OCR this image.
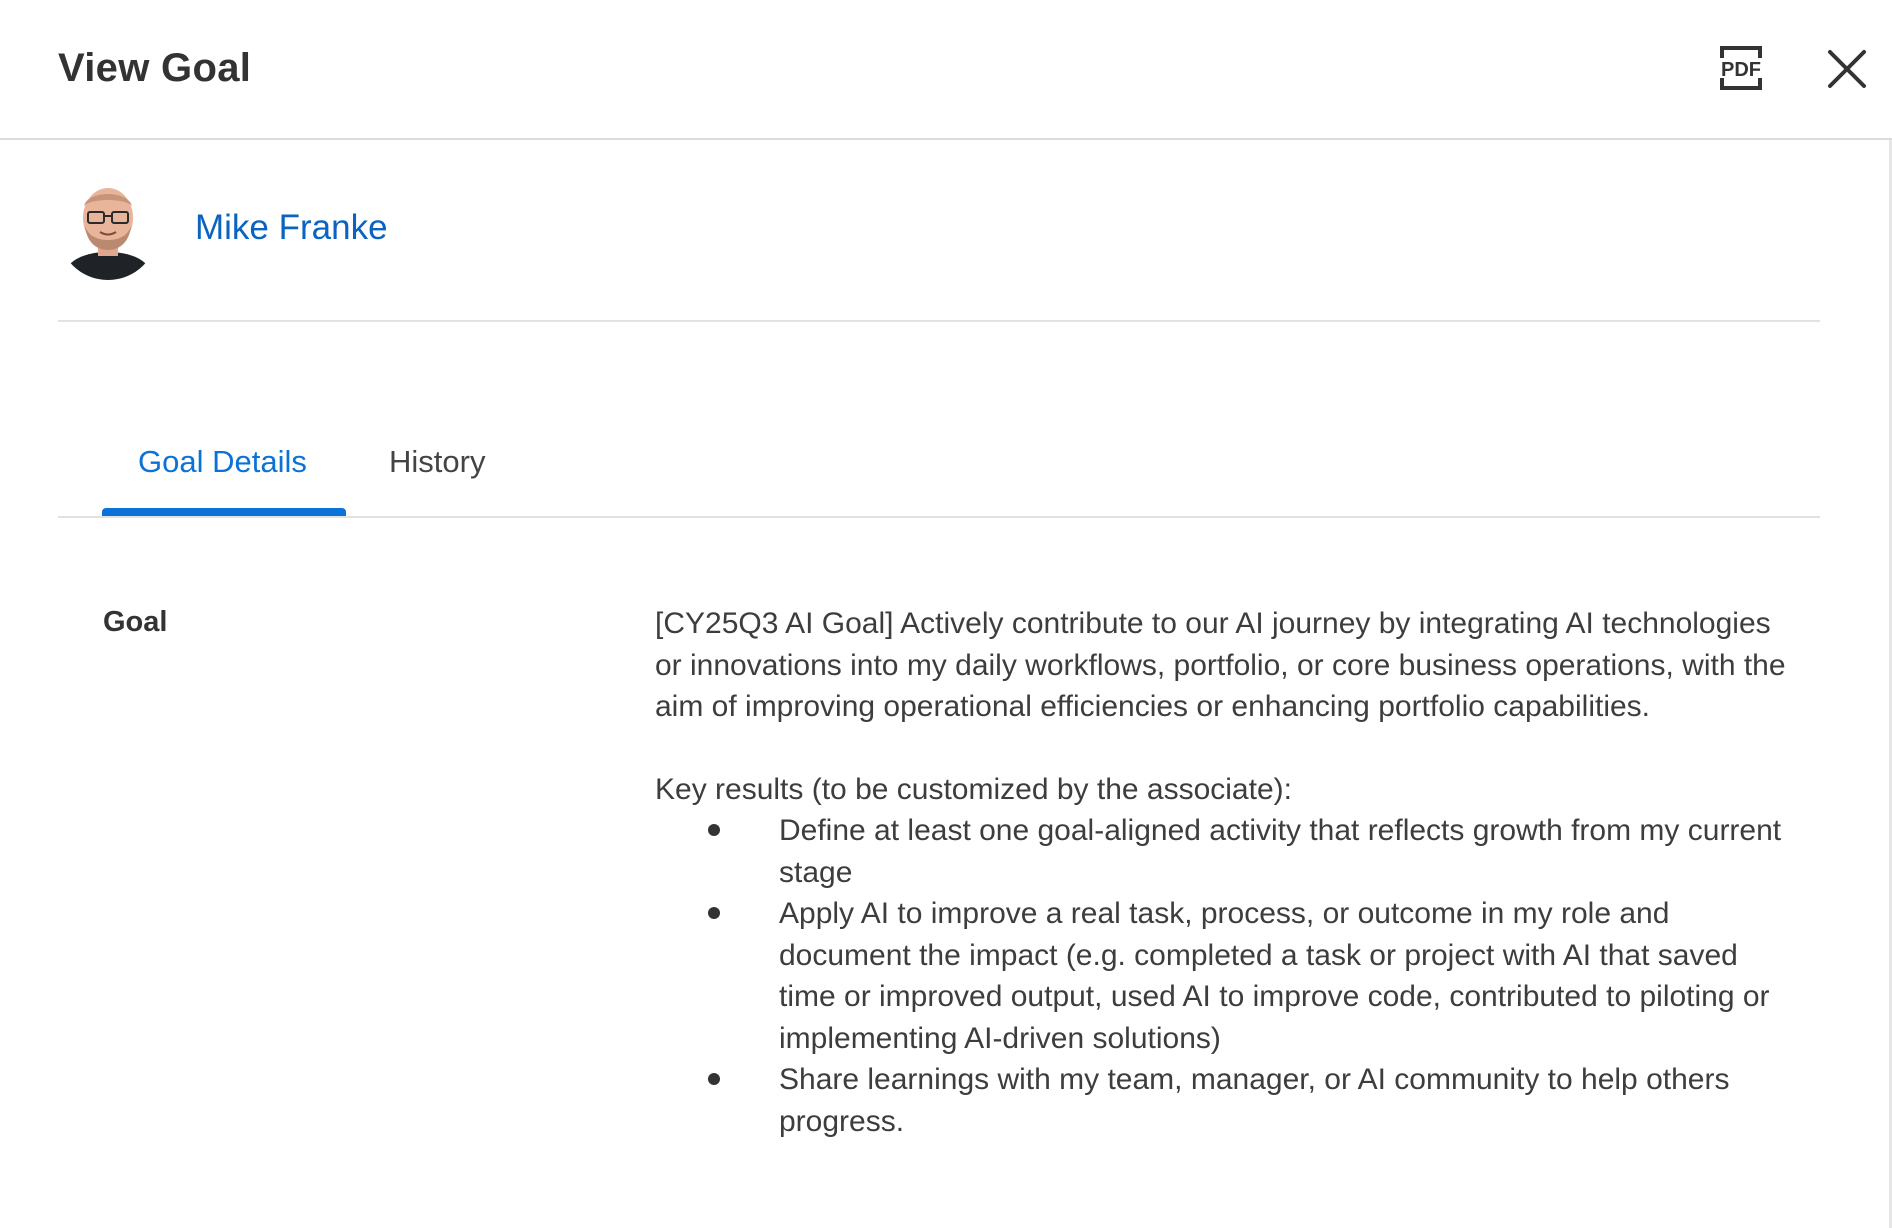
View Goal	PDF
Mike Franke
Goal Details	History
Goal	[CY25Q3 AI Goal] Actively contribute to our AI journey by integrating AI technologies or innovations into my daily workflows, portfolio, or core business operations, with the aim of improving operational efficiencies or enhancing portfolio capabilities.

Key results (to be customized by the associate):

Define at least one goal-aligned activity that reflects growth from my current stage
Apply AI to improve a real task, process, or outcome in my role and document the impact (e.g. completed a task or project with AI that saved time or improved output, used AI to improve code, contributed to piloting or implementing AI-driven solutions)
Share learnings with my team, manager, or AI community to help others progress.
